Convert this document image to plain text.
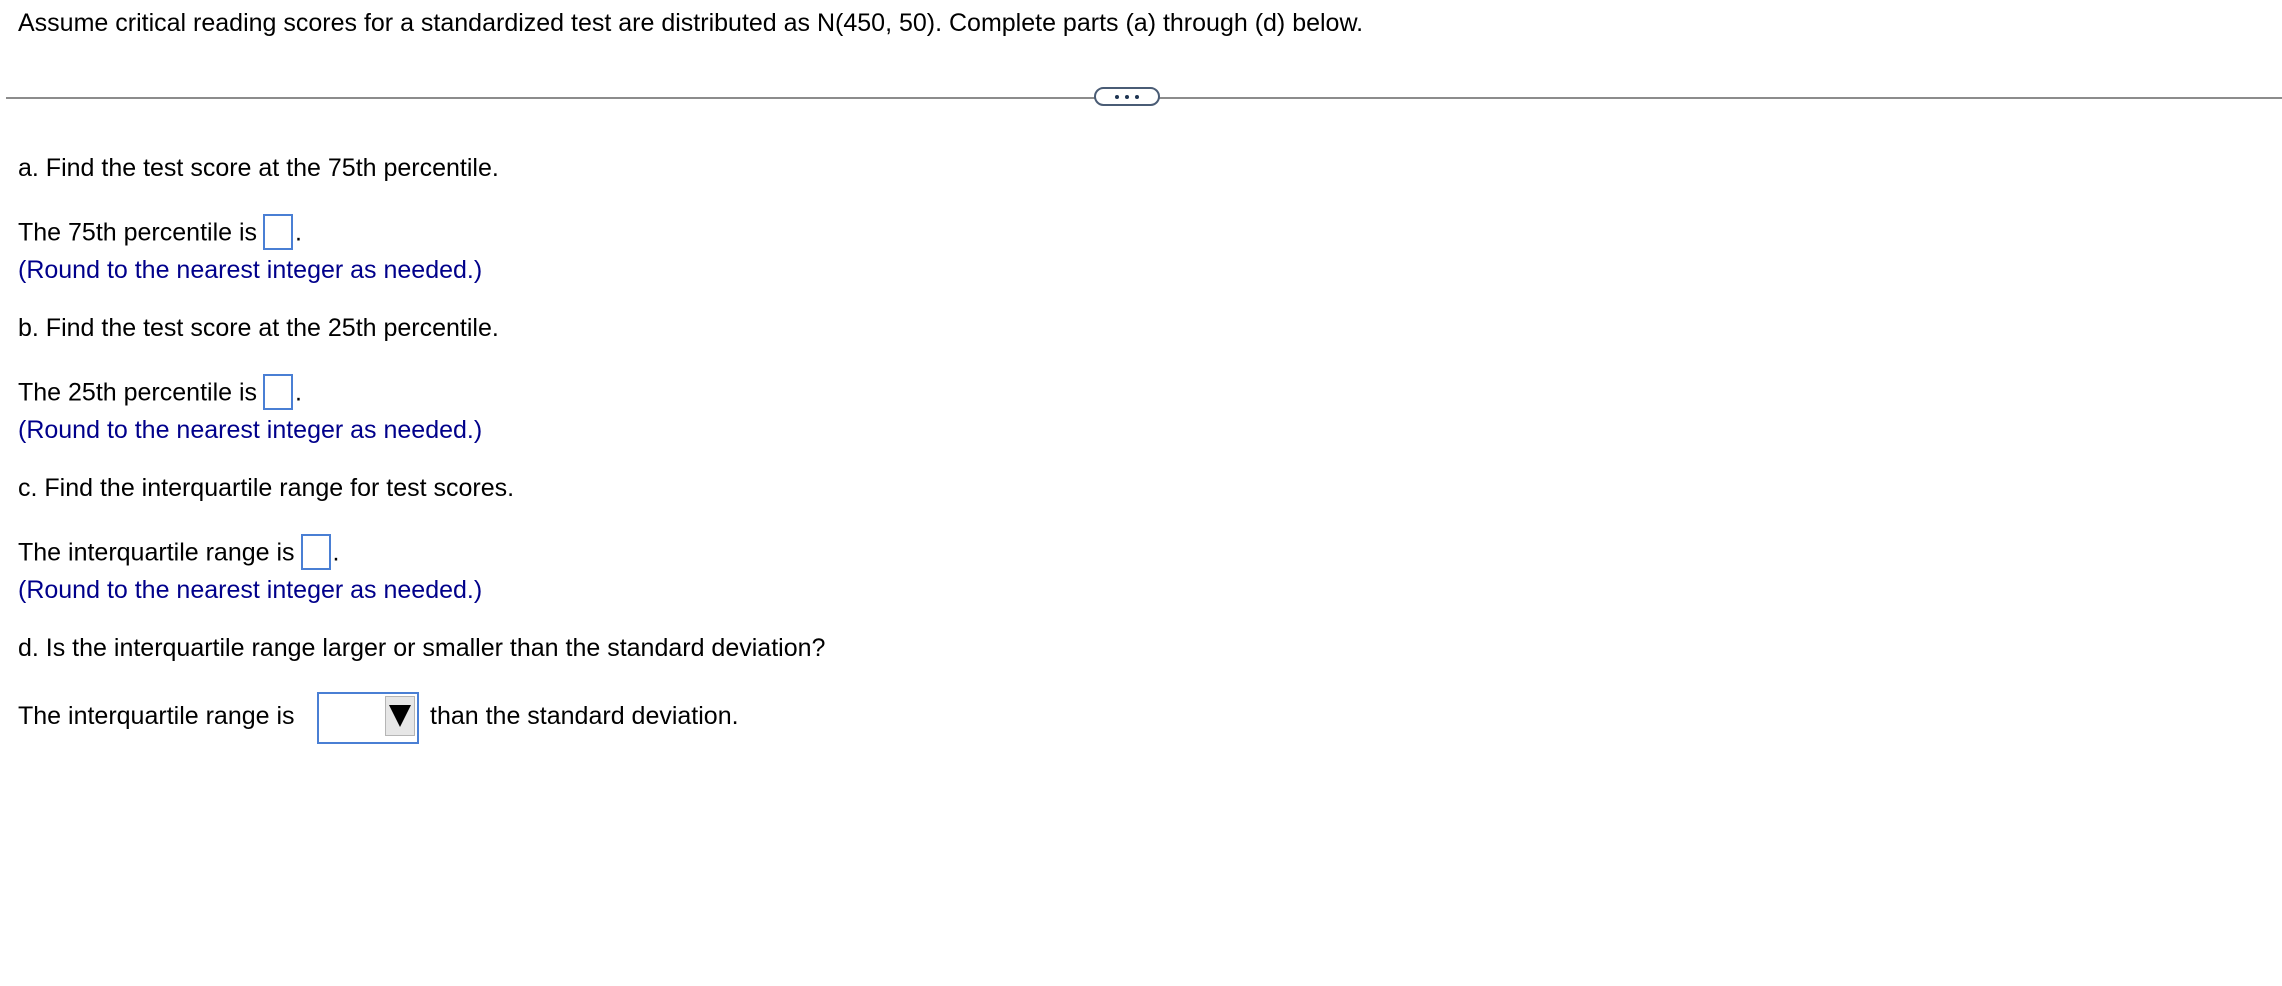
Assume critical reading scores for a standardized test are distributed as N(450, 50). Complete parts (a) through (d) below.
a. Find the test score at the 75th percentile.
The 75th percentile is .
(Round to the nearest integer as needed.)
b. Find the test score at the 25th percentile.
The 25th percentile is .
(Round to the nearest integer as needed.)
c. Find the interquartile range for test scores.
The interquartile range is .
(Round to the nearest integer as needed.)
d. Is the interquartile range larger or smaller than the standard deviation?
The interquartile range is	than the standard deviation.
